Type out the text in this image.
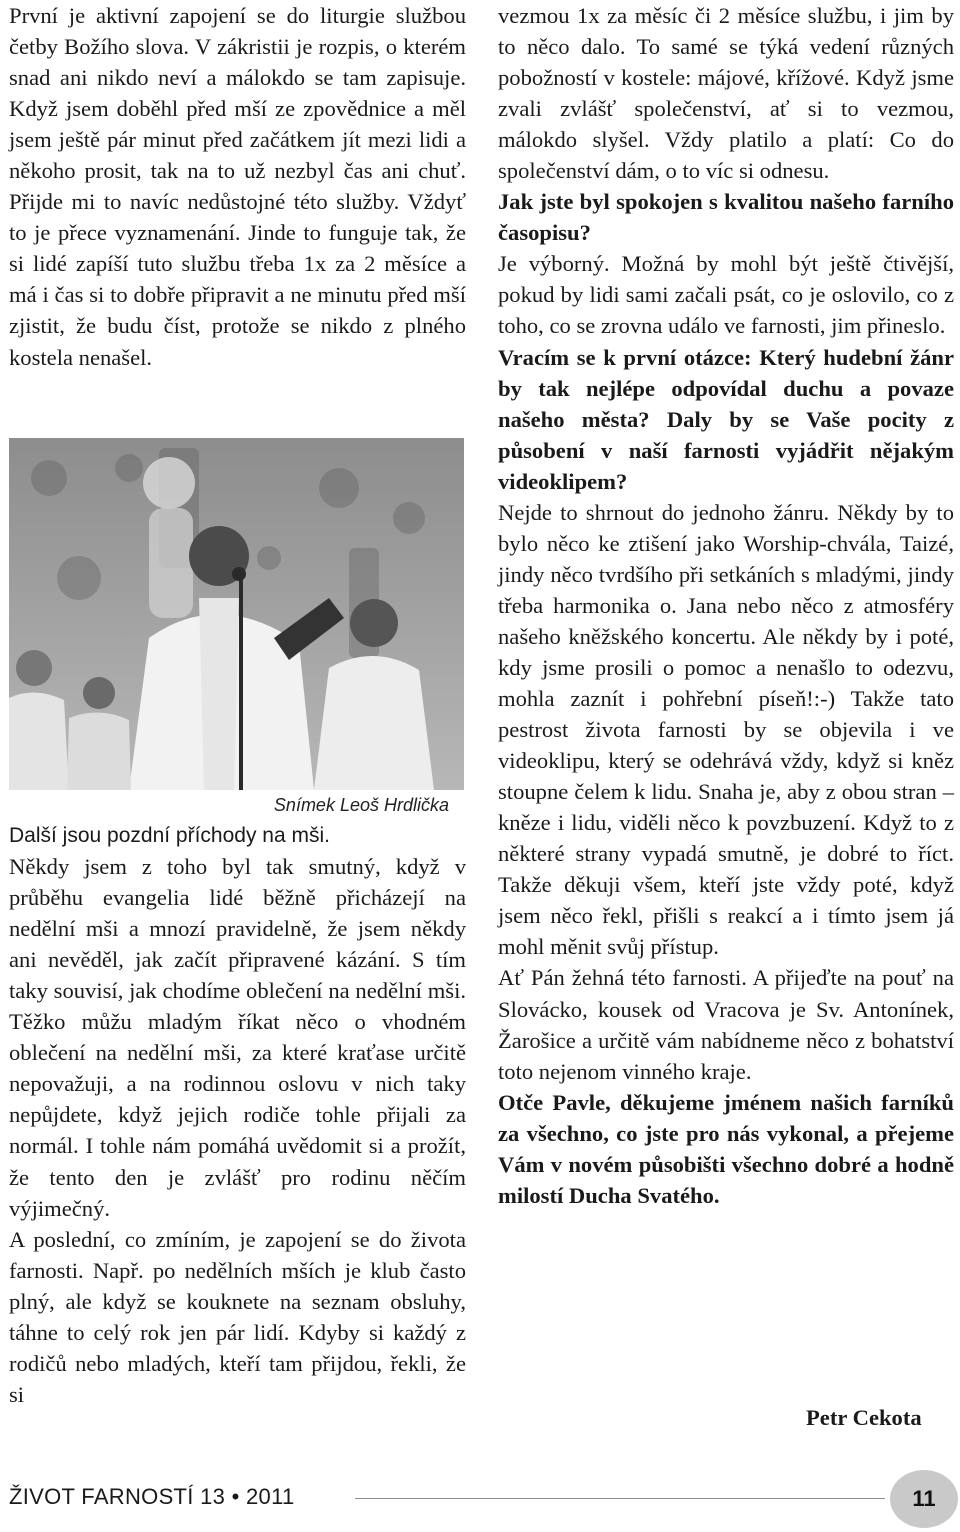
První je aktivní zapojení se do liturgie službou četby Božího slova. V zákristii je rozpis, o kterém snad ani nikdo neví a málokdo se tam zapisuje. Když jsem doběhl před mší ze zpovědnice a měl jsem ještě pár minut před začátkem jít mezi lidi a někoho prosit, tak na to už nezbyl čas ani chuť. Přijde mi to navíc nedůstojné této služby. Vždyť to je přece vyznamenání. Jinde to funguje tak, že si lidé zapíší tuto službu třeba 1x za 2 měsíce a má i čas si to dobře připravit a ne minutu před mší zjistit, že budu číst, protože se nikdo z plného kostela nenašel.

Snímek Leoš Hrdlička

Další jsou pozdní příchody na mši.

Někdy jsem z toho byl tak smutný, když v průběhu evangelia lidé běžně přicházejí na nedělní mši a mnozí pravidelně, že jsem někdy ani nevěděl, jak začít připravené kázání. S tím taky souvisí, jak chodíme oblečení na nedělní mši. Těžko můžu mladým říkat něco o vhodném oblečení na nedělní mši, za které kraťase určitě nepovažuji, a na rodinnou oslovu v nich taky nepůjdete, když jejich rodiče tohle přijali za normál. I tohle nám pomáhá uvědomit si a prožít, že tento den je zvlášť pro rodinu něčím výjimečný.

A poslední, co zmíním, je zapojení se do života farnosti. Např. po nedělních mších je klub často plný, ale když se kouknete na seznam obsluhy, táhne to celý rok jen pár lidí. Kdyby si každý z rodičů nebo mladých, kteří tam přijdou, řekli, že si

vezmou 1x za měsíc či 2 měsíce službu, i jim by to něco dalo. To samé se týká vedení různých pobožností v kostele: májové, křížové. Když jsme zvali zvlášť společenství, ať si to vezmou, málokdo slyšel. Vždy platilo a platí: Co do společenství dám, o to víc si odnesu.

Jak jste byl spokojen s kvalitou našeho farního časopisu?

Je výborný. Možná by mohl být ještě čtivější, pokud by lidi sami začali psát, co je oslovilo, co z toho, co se zrovna událo ve farnosti, jim přineslo.

Vracím se k první otázce: Který hudební žánr by tak nejlépe odpovídal duchu a povaze našeho města? Daly by se Vaše pocity z působení v naší farnosti vyjádřit nějakým videoklipem?

Nejde to shrnout do jednoho žánru. Někdy by to bylo něco ke ztišení jako Worship-chvála, Taizé, jindy něco tvrdšího při setkáních s mladými, jindy třeba harmonika o. Jana nebo něco z atmosféry našeho kněžského koncertu. Ale někdy by i poté, kdy jsme prosili o pomoc a nenašlo to odezvu, mohla zaznít i pohřební píseň!:-) Takže tato pestrost života farnosti by se objevila i ve videoklipu, který se odehrává vždy, když si kněz stoupne čelem k lidu. Snaha je, aby z obou stran – kněze i lidu, viděli něco k povzbuzení. Když to z některé strany vypadá smutně, je dobré to říct. Takže děkuji všem, kteří jste vždy poté, když jsem něco řekl, přišli s reakcí a i tímto jsem já mohl měnit svůj přístup.

Ať Pán žehná této farnosti. A přijeďte na pouť na Slovácko, kousek od Vracova je Sv. Antonínek, Žarošice a určitě vám nabídneme něco z bohatství toto nejenom vinného kraje.

Otče Pavle, děkujeme jménem našich farníků za všechno, co jste pro nás vykonal, a přejeme Vám v novém působišti všechno dobré a hodně milostí Ducha Svatého.

Petr Cekota
ŽIVOT FARNOSTÍ 13 • 2011	11
